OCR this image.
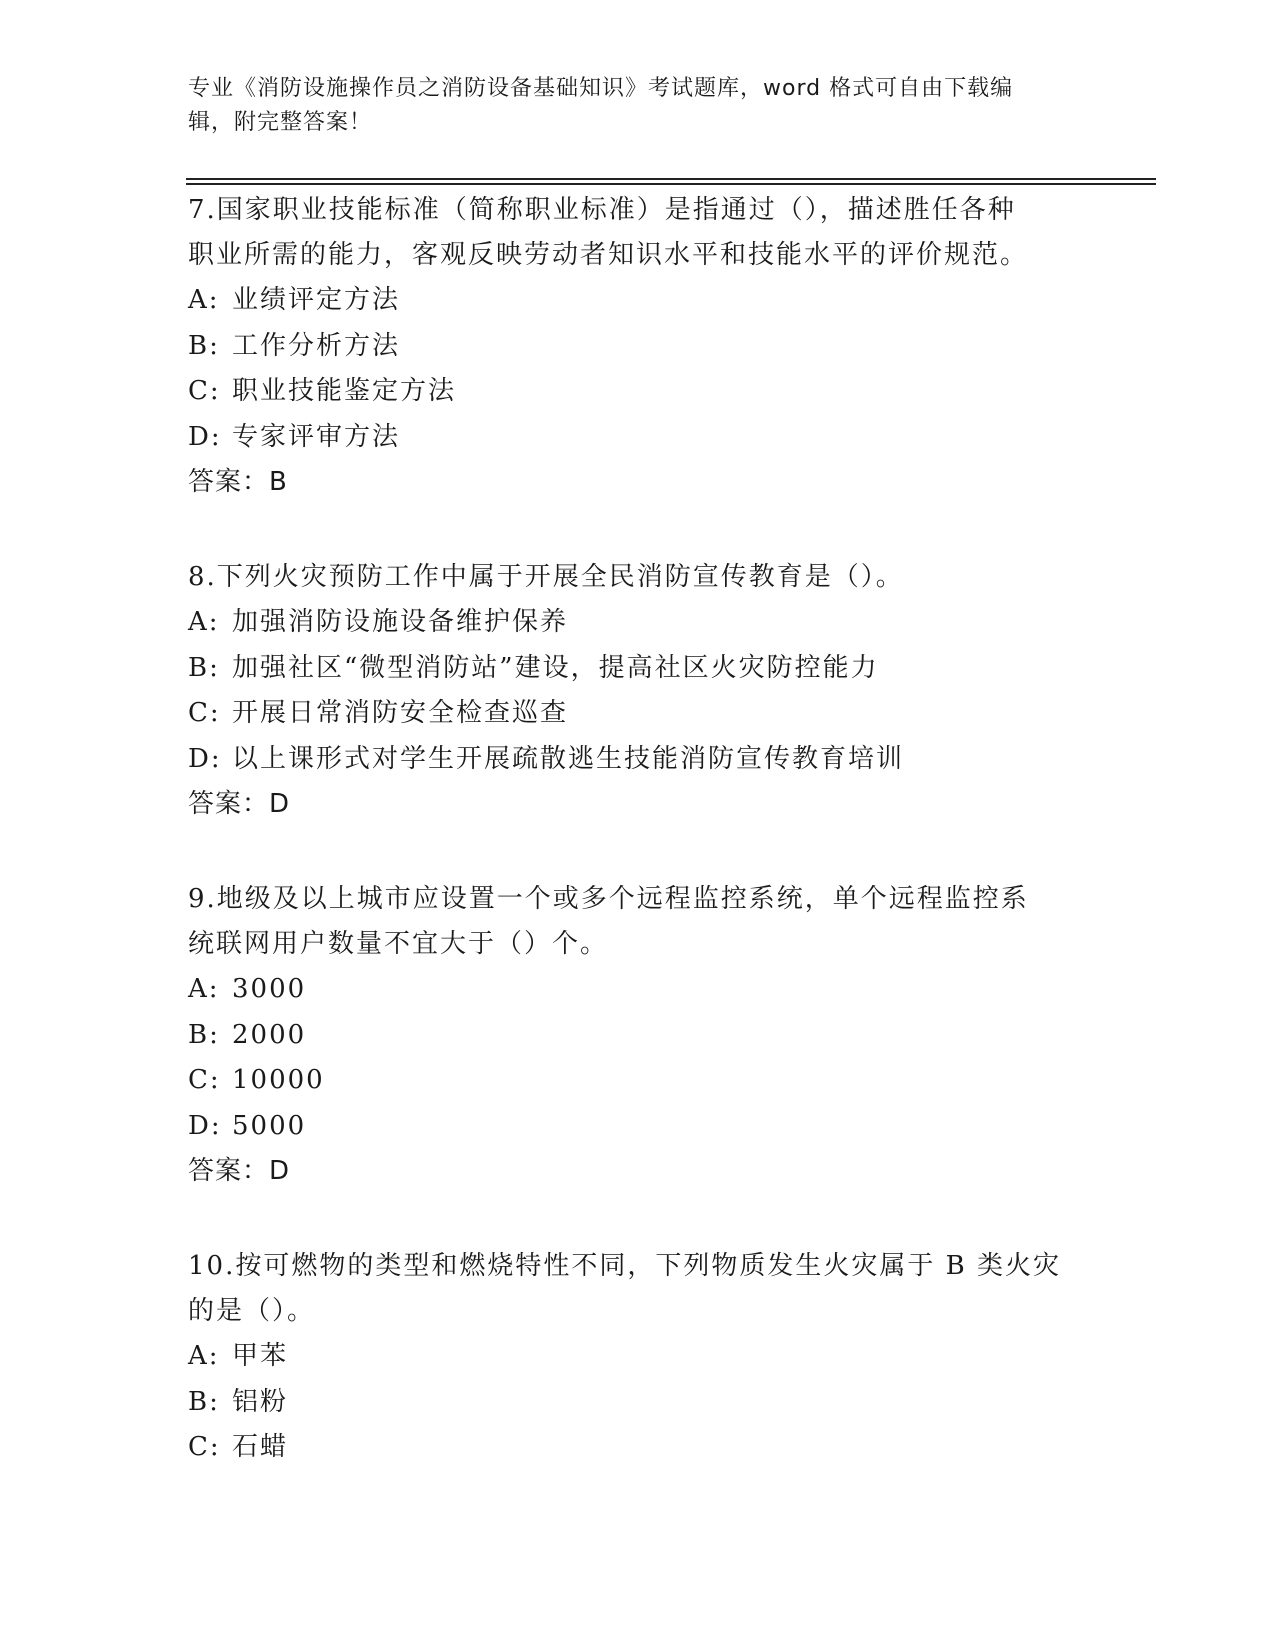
专业《消防设施操作员之消防设备基础知识》考试题库，word 格式可自由下载编
辑，附完整答案！

7.国家职业技能标准（简称职业标准）是指通过（），描述胜任各种
职业所需的能力，客观反映劳动者知识水平和技能水平的评价规范。

A: 业绩评定方法
B: 工作分析方法
C: 职业技能鉴定方法
D: 专家评审方法
答案：B

8.下列火灾预防工作中属于开展全民消防宣传教育是（）。

A: 加强消防设施设备维护保养
B: 加强社区“微型消防站”建设，提高社区火灾防控能力
C: 开展日常消防安全检查巡查
D: 以上课形式对学生开展疏散逃生技能消防宣传教育培训
答案：D

9.地级及以上城市应设置一个或多个远程监控系统，单个远程监控系
统联网用户数量不宜大于（）个。

A: 3000
B: 2000
C: 10000
D: 5000
答案：D

10.按可燃物的类型和燃烧特性不同，下列物质发生火灾属于 B 类火灾
的是（）。

A: 甲苯
B: 铝粉
C: 石蜡
